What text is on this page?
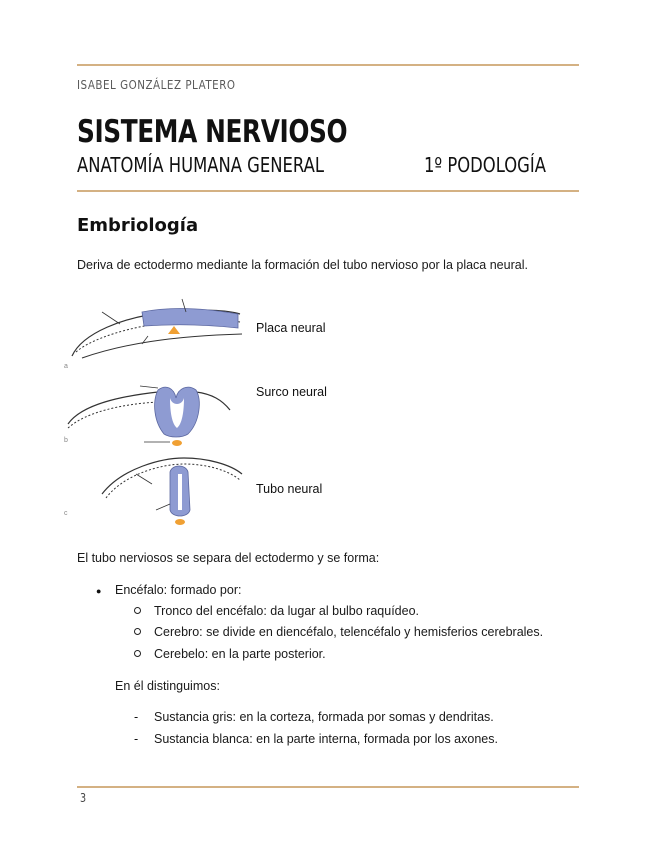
ISABEL GONZÁLEZ PLATERO
SISTEMA NERVIOSO
ANATOMÍA HUMANA GENERAL	1º PODOLOGÍA
Embriología
Deriva de ectodermo mediante la formación del tubo nervioso por la placa neural.
a
Placa neural
b
Surco neural
c
Tubo neural
El tubo nerviosos se separa del ectodermo y se forma:
● Encéfalo: formado por:
Tronco del encéfalo: da lugar al bulbo raquídeo.
Cerebro: se divide en diencéfalo, telencéfalo y hemisferios cerebrales.
Cerebelo: en la parte posterior.
En él distinguimos:
- Sustancia gris: en la corteza, formada por somas y dendritas.
- Sustancia blanca: en la parte interna, formada por los axones.
3
